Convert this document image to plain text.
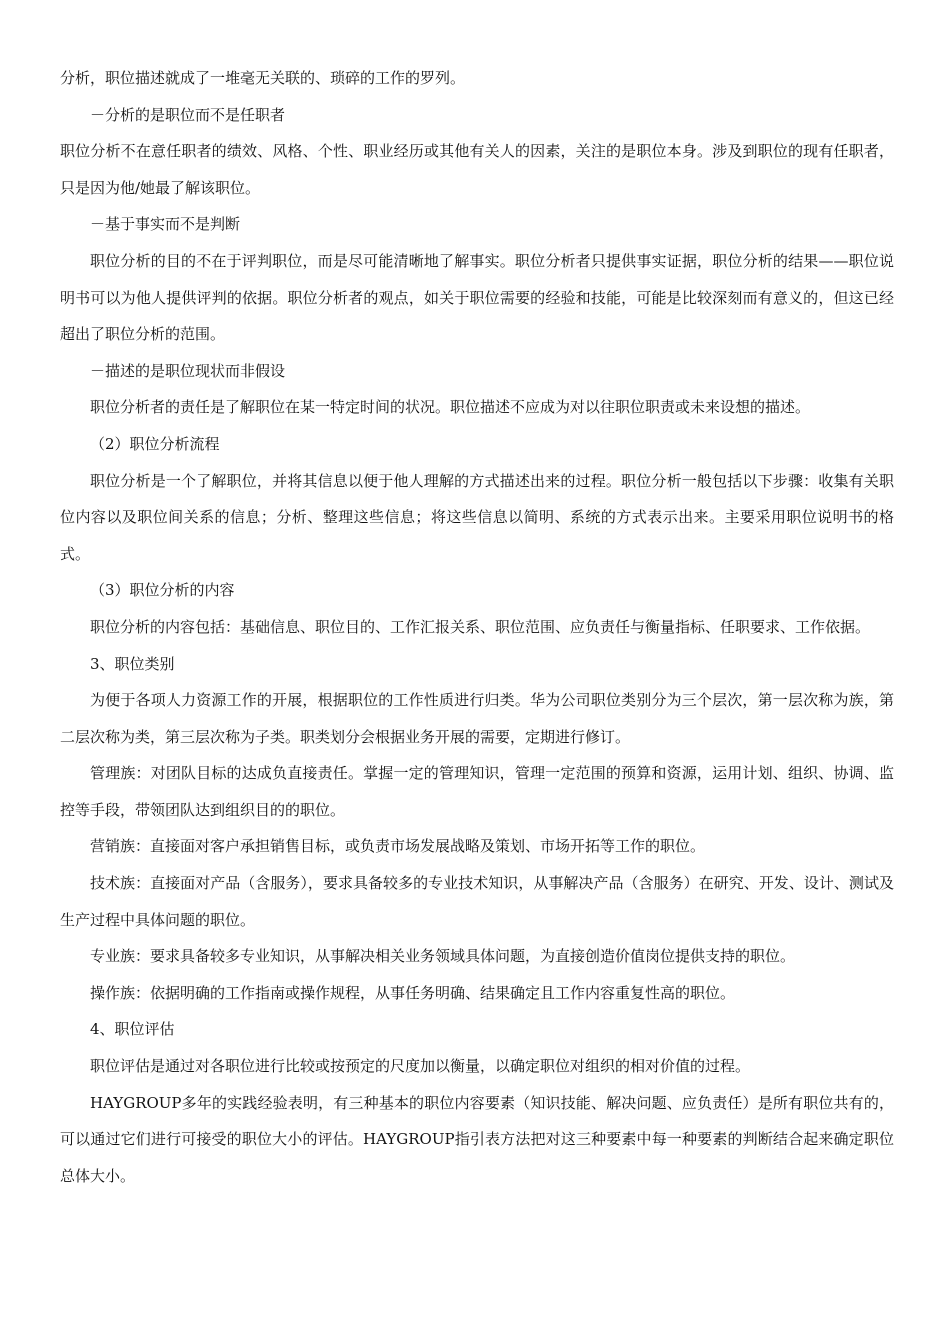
分析，职位描述就成了一堆毫无关联的、琐碎的工作的罗列。

－分析的是职位而不是任职者

职位分析不在意任职者的绩效、风格、个性、职业经历或其他有关人的因素，关注的是职位本身。涉及到职位的现有任职者，只是因为他/她最了解该职位。

－基于事实而不是判断

职位分析的目的不在于评判职位，而是尽可能清晰地了解事实。职位分析者只提供事实证据，职位分析的结果——职位说明书可以为他人提供评判的依据。职位分析者的观点，如关于职位需要的经验和技能，可能是比较深刻而有意义的，但这已经超出了职位分析的范围。

－描述的是职位现状而非假设

职位分析者的责任是了解职位在某一特定时间的状况。职位描述不应成为对以往职位职责或未来设想的描述。

（2）职位分析流程

职位分析是一个了解职位，并将其信息以便于他人理解的方式描述出来的过程。职位分析一般包括以下步骤：收集有关职位内容以及职位间关系的信息；分析、整理这些信息；将这些信息以简明、系统的方式表示出来。主要采用职位说明书的格式。

（3）职位分析的内容

职位分析的内容包括：基础信息、职位目的、工作汇报关系、职位范围、应负责任与衡量指标、任职要求、工作依据。

3、职位类别

为便于各项人力资源工作的开展，根据职位的工作性质进行归类。华为公司职位类别分为三个层次，第一层次称为族，第二层次称为类，第三层次称为子类。职类划分会根据业务开展的需要，定期进行修订。

管理族：对团队目标的达成负直接责任。掌握一定的管理知识，管理一定范围的预算和资源，运用计划、组织、协调、监控等手段，带领团队达到组织目的的职位。

营销族：直接面对客户承担销售目标，或负责市场发展战略及策划、市场开拓等工作的职位。

技术族：直接面对产品（含服务），要求具备较多的专业技术知识，从事解决产品（含服务）在研究、开发、设计、测试及生产过程中具体问题的职位。

专业族：要求具备较多专业知识，从事解决相关业务领域具体问题，为直接创造价值岗位提供支持的职位。

操作族：依据明确的工作指南或操作规程，从事任务明确、结果确定且工作内容重复性高的职位。

4、职位评估

职位评估是通过对各职位进行比较或按预定的尺度加以衡量，以确定职位对组织的相对价值的过程。

HAYGROUP多年的实践经验表明，有三种基本的职位内容要素（知识技能、解决问题、应负责任）是所有职位共有的，可以通过它们进行可接受的职位大小的评估。HAYGROUP指引表方法把对这三种要素中每一种要素的判断结合起来确定职位总体大小。
